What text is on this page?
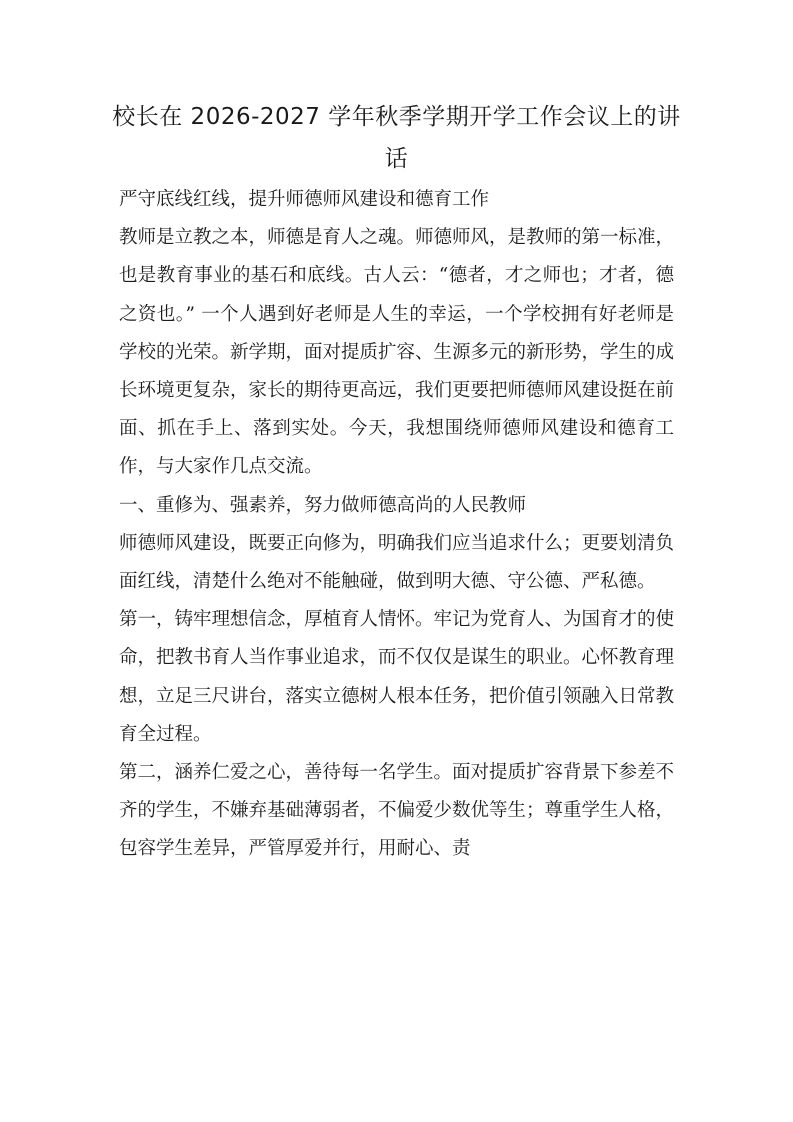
校长在 2026-2027 学年秋季学期开学工作会议上的讲话

严守底线红线，提升师德师风建设和德育工作

教师是立教之本，师德是育人之魂。师德师风，是教师的第一标准，也是教育事业的基石和底线。古人云：“德者，才之师也；才者，德之资也。” 一个人遇到好老师是人生的幸运，一个学校拥有好老师是学校的光荣。新学期，面对提质扩容、生源多元的新形势，学生的成长环境更复杂，家长的期待更高远，我们更要把师德师风建设挺在前面、抓在手上、落到实处。今天，我想围绕师德师风建设和德育工作，与大家作几点交流。

一、重修为、强素养，努力做师德高尚的人民教师

师德师风建设，既要正向修为，明确我们应当追求什么；更要划清负面红线，清楚什么绝对不能触碰，做到明大德、守公德、严私德。

第一，铸牢理想信念，厚植育人情怀。牢记为党育人、为国育才的使命，把教书育人当作事业追求，而不仅仅是谋生的职业。心怀教育理想，立足三尺讲台，落实立德树人根本任务，把价值引领融入日常教育全过程。

第二，涵养仁爱之心，善待每一名学生。面对提质扩容背景下参差不齐的学生，不嫌弃基础薄弱者，不偏爱少数优等生；尊重学生人格，包容学生差异，严管厚爱并行，用耐心、责
